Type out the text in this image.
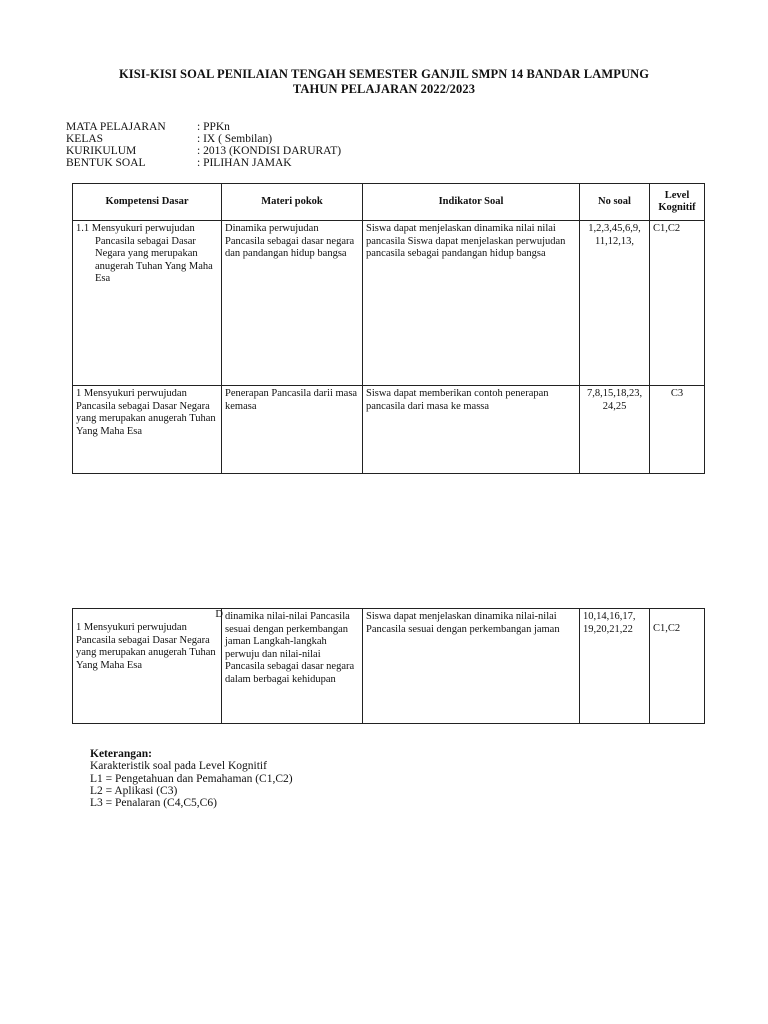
KISI-KISI SOAL PENILAIAN TENGAH SEMESTER GANJIL SMPN 14 BANDAR LAMPUNG
TAHUN PELAJARAN 2022/2023
MATA PELAJARAN	: PPKn
KELAS	: IX ( Sembilan)
KURIKULUM	: 2013 (KONDISI DARURAT)
BENTUK SOAL	: PILIHAN JAMAK
Kompetensi Dasar	Materi pokok	Indikator Soal	No soal	Level Kognitif
1.1 Mensyukuri perwujudan Pancasila sebagai Dasar Negara yang merupakan anugerah Tuhan Yang Maha Esa	Dinamika perwujudan Pancasila sebagai dasar negara dan pandangan hidup bangsa	Siswa dapat menjelaskan dinamika nilai nilai pancasila Siswa dapat menjelaskan perwujudan pancasila sebagai pandangan hidup bangsa	1,2,3,45,6,9, 11,12,13,	C1,C2
1 Mensyukuri perwujudan Pancasila sebagai Dasar Negara yang merupakan anugerah Tuhan Yang Maha Esa	Penerapan Pancasila darii masa kemasa	Siswa dapat memberikan contoh penerapan pancasila dari masa ke massa	7,8,15,18,23, 24,25	C3
D
1 Mensyukuri perwujudan Pancasila sebagai Dasar Negara yang merupakan anugerah Tuhan Yang Maha Esa	dinamika nilai-nilai Pancasila sesuai dengan perkembangan jaman Langkah-langkah perwuju dan nilai-nilai Pancasila sebagai dasar negara dalam berbagai kehidupan	Siswa dapat menjelaskan dinamika nilai-nilai Pancasila sesuai dengan perkembangan jaman	10,14,16,17, 19,20,21,22	C1,C2
Keterangan:
Karakteristik soal pada Level Kognitif
L1 = Pengetahuan dan Pemahaman (C1,C2)
L2 = Aplikasi (C3)
L3 = Penalaran (C4,C5,C6)
